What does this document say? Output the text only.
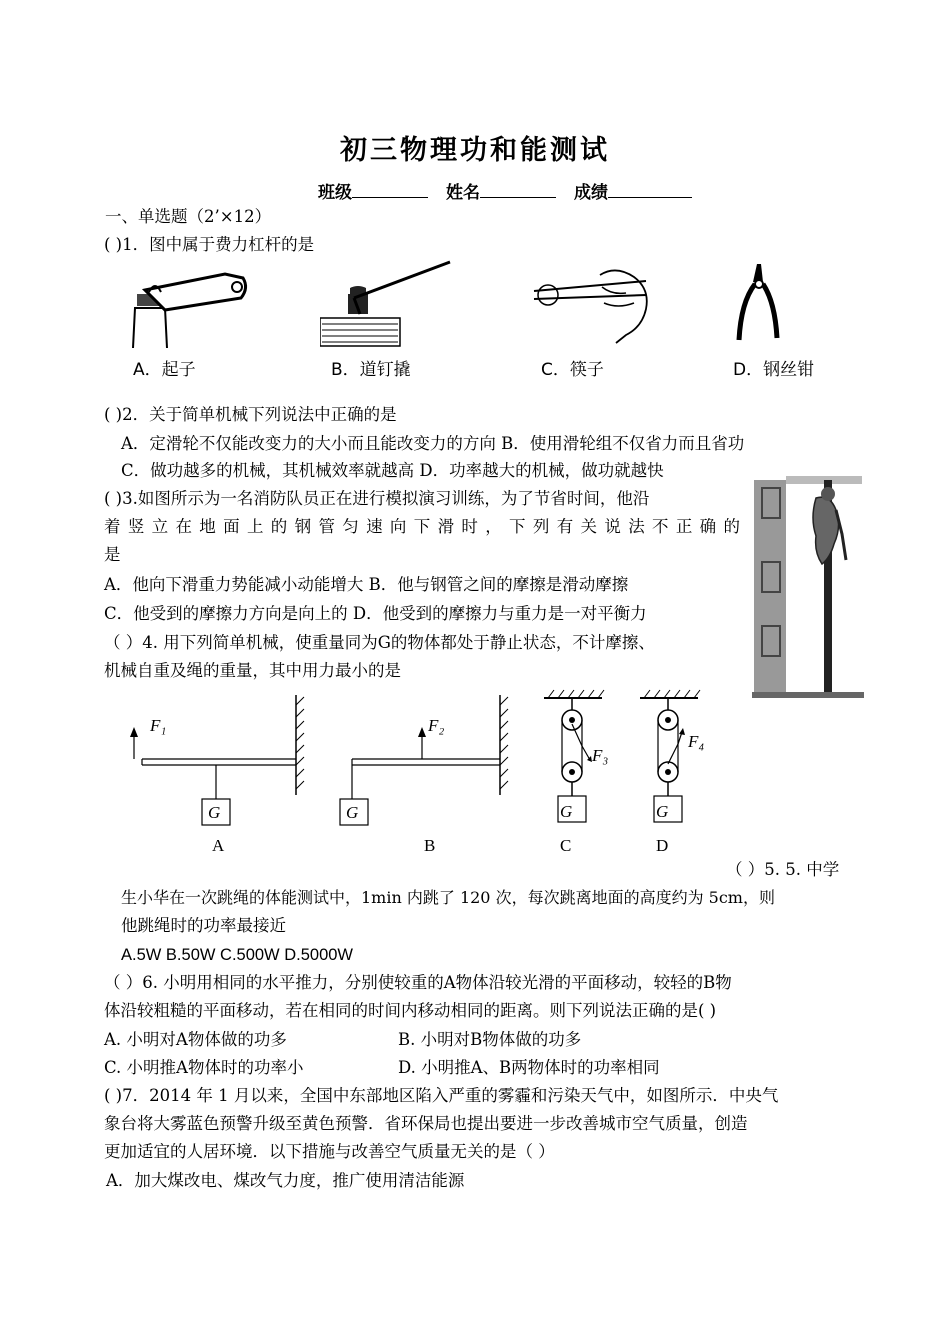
初三物理功和能测试
班级	姓名	成绩
一、单选题（2’×12）
( )1．图中属于费力杠杆的是
A．起子	B．道钉撬	C．筷子	D．钢丝钳
( )2．关于简单机械下列说法中正确的是
A．定滑轮不仅能改变力的大小而且能改变力的方向 B．使用滑轮组不仅省力而且省功
C．做功越多的机械，其机械效率就越高 D．功率越大的机械，做功就越快
( )3.如图所示为一名消防队员正在进行模拟演习训练，为了节省时间，他沿
着竖立在地面上的钢管匀速向下滑时，下列有关说法不正确的
是
A．他向下滑重力势能减小动能增大 B．他与钢管之间的摩擦是滑动摩擦
C．他受到的摩擦力方向是向上的 D．他受到的摩擦力与重力是一对平衡力
（ ）4. 用下列简单机械，使重量同为G的物体都处于静止状态，不计摩擦、
机械自重及绳的重量，其中用力最小的是
F₁
G
A
F₂
G
B
F₃
G
C
F₄
G
D
（ ）5. 5. 中学
生小华在一次跳绳的体能测试中，1min 内跳了 120 次，每次跳离地面的高度约为 5cm，则
他跳绳时的功率最接近
A.5W B.50W C.500W D.5000W
（ ）6. 小明用相同的水平推力，分别使较重的A物体沿较光滑的平面移动，较轻的B物
体沿较粗糙的平面移动，若在相同的时间内移动相同的距离。则下列说法正确的是( )
A. 小明对A物体做的功多	B. 小明对B物体做的功多
C. 小明推A物体时的功率小	D. 小明推A、B两物体时的功率相同
( )7．2014 年 1 月以来，全国中东部地区陷入严重的雾霾和污染天气中，如图所示．中央气
象台将大雾蓝色预警升级至黄色预警．省环保局也提出要进一步改善城市空气质量，创造
更加适宜的人居环境．以下措施与改善空气质量无关的是（ ）
A．加大煤改电、煤改气力度，推广使用清洁能源
